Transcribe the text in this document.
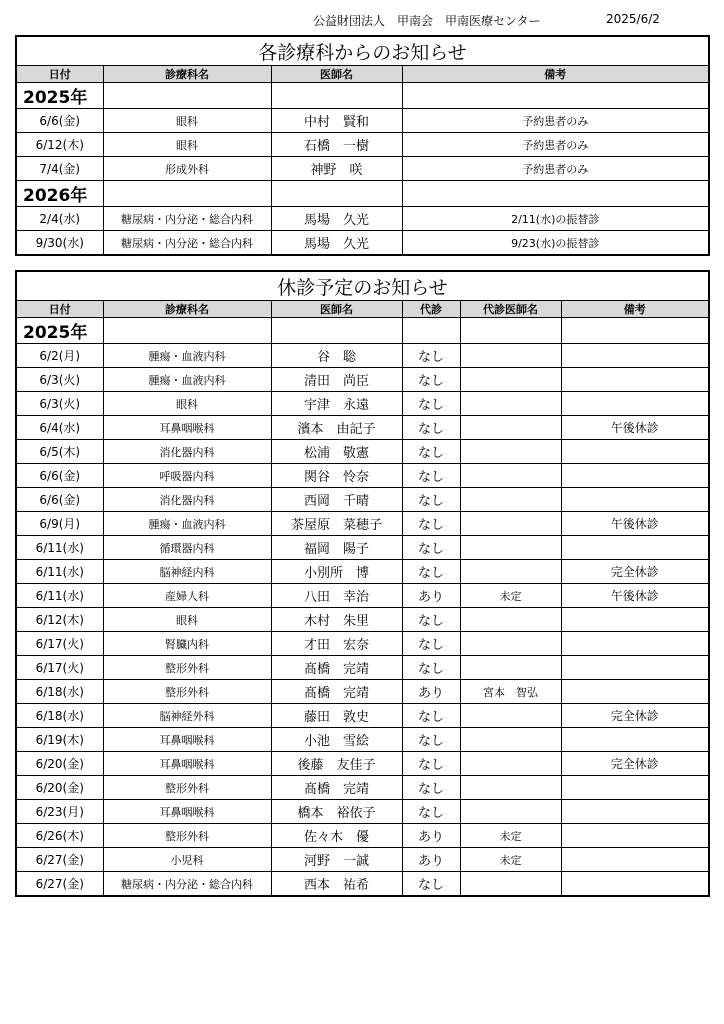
公益財団法人　甲南会　甲南医療センター	2025/6/2
各診療科からのお知らせ			
日付	診療科名	医師名	備考
2025年			
6/6(金)	眼科	中村　賢和	予約患者のみ
6/12(木)	眼科	石橋　一樹	予約患者のみ
7/4(金)	形成外科	神野　咲	予約患者のみ
2026年			
2/4(水)	糖尿病・内分泌・総合内科	馬場　久光	2/11(水)の振替診
9/30(水)	糖尿病・内分泌・総合内科	馬場　久光	9/23(水)の振替診
休診予定のお知らせ					
日付	診療科名	医師名	代診	代診医師名	備考
2025年					
6/2(月)	腫瘍・血液内科	谷　聡	なし		
6/3(火)	腫瘍・血液内科	清田　尚臣	なし		
6/3(火)	眼科	宇津　永遠	なし		
6/4(水)	耳鼻咽喉科	濱本　由記子	なし		午後休診
6/5(木)	消化器内科	松浦　敬憲	なし		
6/6(金)	呼吸器内科	関谷　怜奈	なし		
6/6(金)	消化器内科	西岡　千晴	なし		
6/9(月)	腫瘍・血液内科	茶屋原　菜穂子	なし		午後休診
6/11(水)	循環器内科	福岡　陽子	なし		
6/11(水)	脳神経内科	小別所　博	なし		完全休診
6/11(水)	産婦人科	八田　幸治	あり	未定	午後休診
6/12(木)	眼科	木村　朱里	なし		
6/17(火)	腎臓内科	才田　宏奈	なし		
6/17(火)	整形外科	髙橋　完靖	なし		
6/18(水)	整形外科	髙橋　完靖	あり	宮本　智弘	
6/18(水)	脳神経外科	藤田　敦史	なし		完全休診
6/19(木)	耳鼻咽喉科	小池　雪絵	なし		
6/20(金)	耳鼻咽喉科	後藤　友佳子	なし		完全休診
6/20(金)	整形外科	髙橋　完靖	なし		
6/23(月)	耳鼻咽喉科	橋本　裕依子	なし		
6/26(木)	整形外科	佐々木　優	あり	未定	
6/27(金)	小児科	河野　一誠	あり	未定	
6/27(金)	糖尿病・内分泌・総合内科	西本　祐希	なし		
